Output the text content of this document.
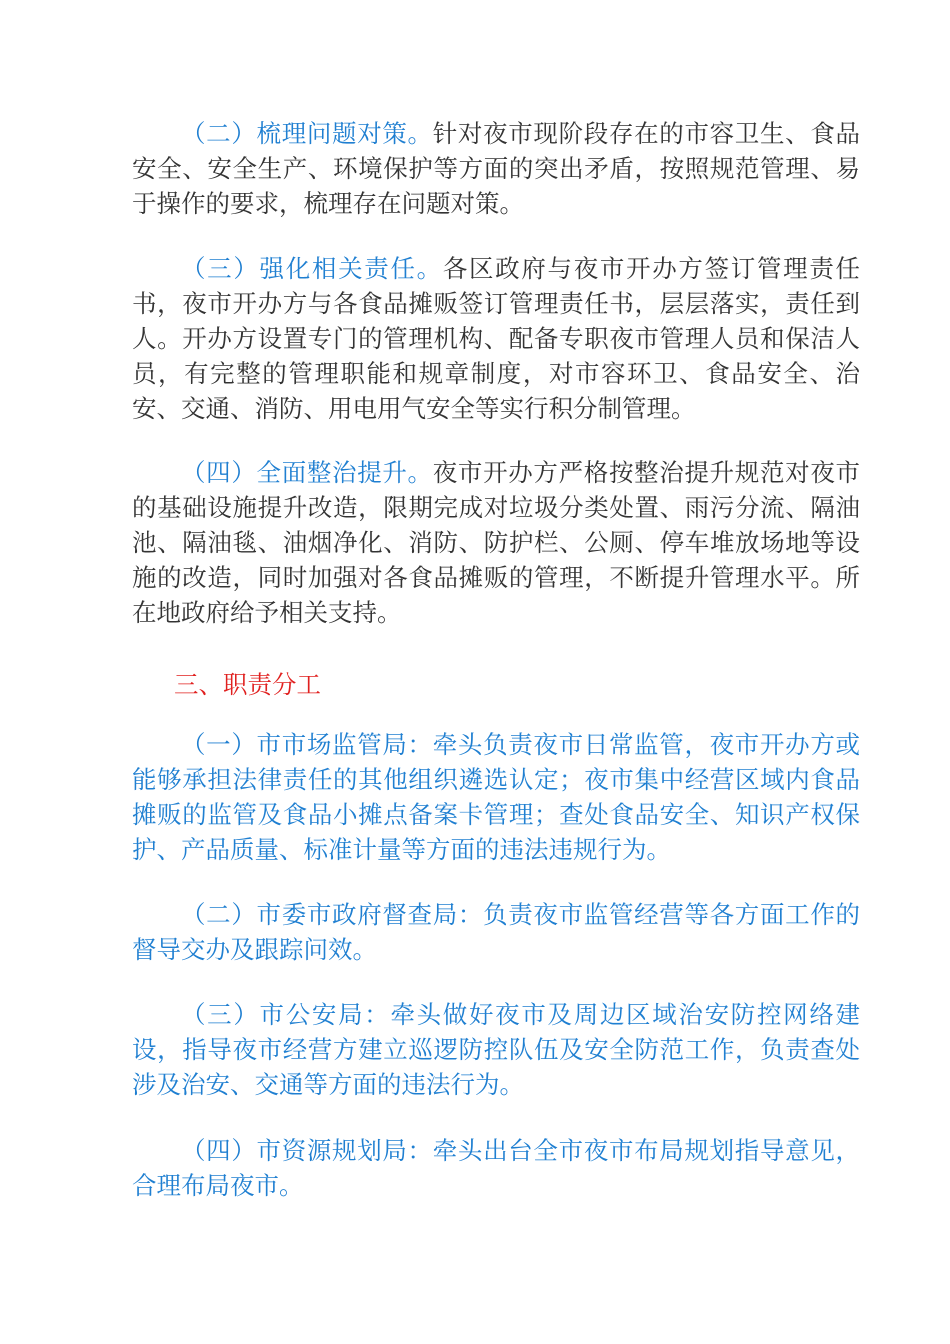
（二）梳理问题对策。针对夜市现阶段存在的市容卫生、食品安全、安全生产、环境保护等方面的突出矛盾，按照规范管理、易于操作的要求，梳理存在问题对策。

（三）强化相关责任。各区政府与夜市开办方签订管理责任书，夜市开办方与各食品摊贩签订管理责任书，层层落实，责任到人。开办方设置专门的管理机构、配备专职夜市管理人员和保洁人员，有完整的管理职能和规章制度，对市容环卫、食品安全、治安、交通、消防、用电用气安全等实行积分制管理。

（四）全面整治提升。夜市开办方严格按整治提升规范对夜市的基础设施提升改造，限期完成对垃圾分类处置、雨污分流、隔油池、隔油毯、油烟净化、消防、防护栏、公厕、停车堆放场地等设施的改造，同时加强对各食品摊贩的管理，不断提升管理水平。所在地政府给予相关支持。

三、职责分工

（一）市市场监管局：牵头负责夜市日常监管，夜市开办方或能够承担法律责任的其他组织遴选认定；夜市集中经营区域内食品摊贩的监管及食品小摊点备案卡管理；查处食品安全、知识产权保护、产品质量、标准计量等方面的违法违规行为。

（二）市委市政府督查局：负责夜市监管经营等各方面工作的督导交办及跟踪问效。

（三）市公安局：牵头做好夜市及周边区域治安防控网络建设，指导夜市经营方建立巡逻防控队伍及安全防范工作，负责查处涉及治安、交通等方面的违法行为。

（四）市资源规划局：牵头出台全市夜市布局规划指导意见，合理布局夜市。
